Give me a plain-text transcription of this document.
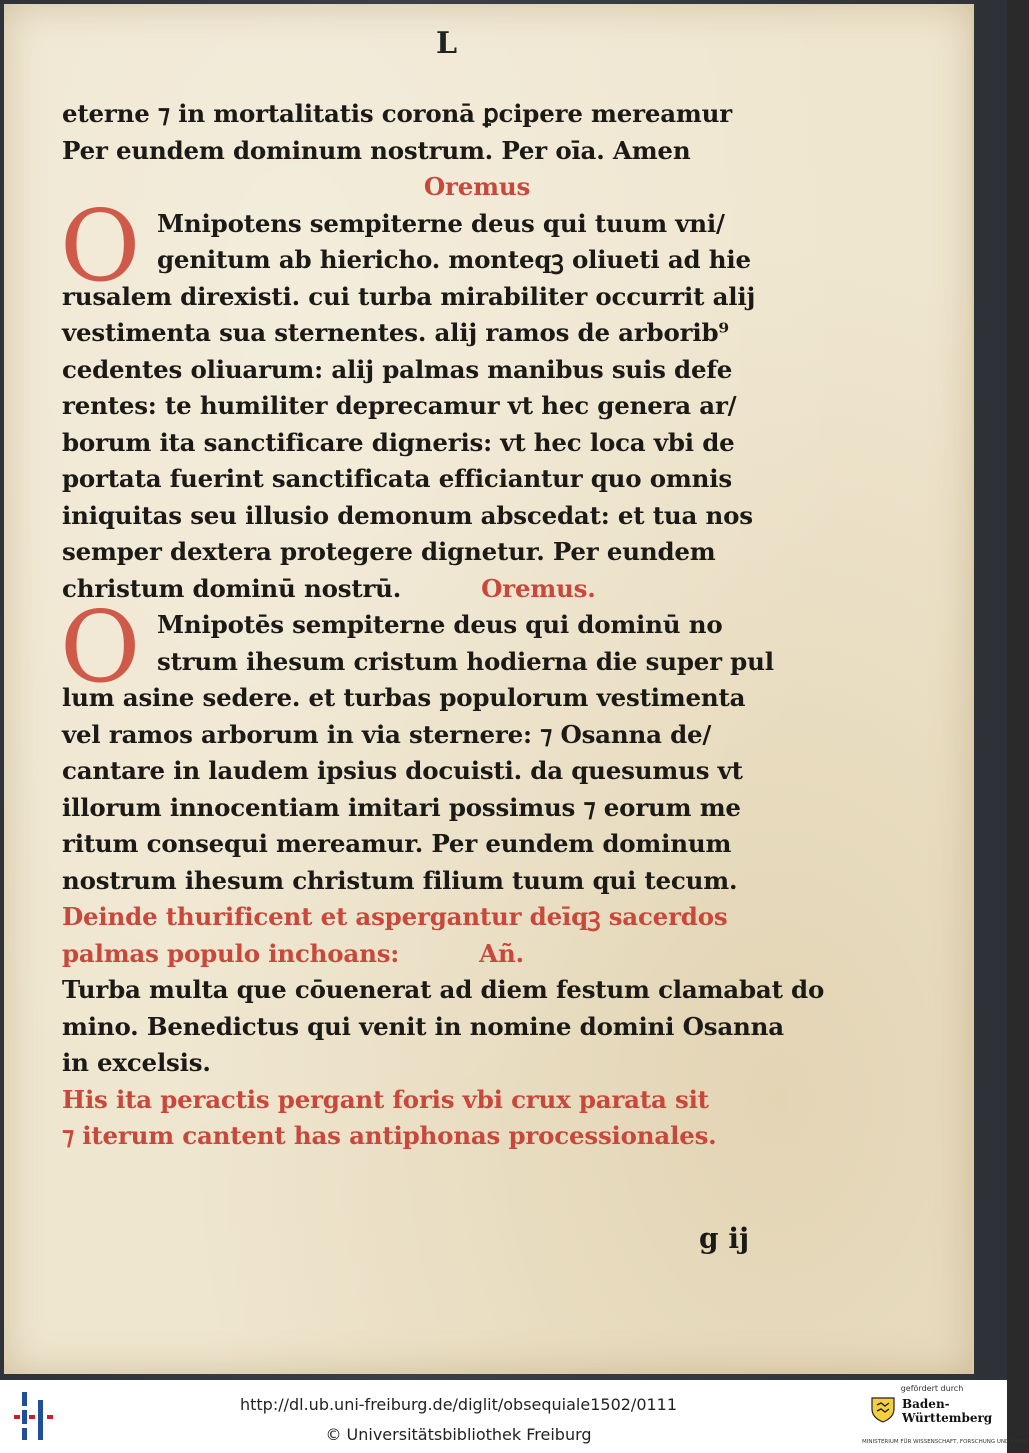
L
eterne ⁊ in mortalitatis coronā ꝑcipere mereamur
Per eundem dominum nostrum. Per oīa. Amen
Oremus
O Mnipotens sempiterne deus qui tuum vni/
genitum ab hiericho. monteqꝫ oliueti ad hie
rusalem direxisti. cui turba mirabiliter occurrit alij
vestimenta sua sternentes. alij ramos de arborib⁹
cedentes oliuarum: alij palmas manibus suis defe
rentes: te humiliter deprecamur vt hec genera ar/
borum ita sanctificare digneris: vt hec loca vbi de
portata fuerint sanctificata efficiantur quo omnis
iniquitas seu illusio demonum abscedat: et tua nos
semper dextera protegere dignetur. Per eundem
christum dominū nostrū.	Oremus.
O Mnipotēs sempiterne deus qui dominū no
strum ihesum cristum hodierna die super pul
lum asine sedere. et turbas populorum vestimenta
vel ramos arborum in via sternere: ⁊ Osanna de/
cantare in laudem ipsius docuisti. da quesumus vt
illorum innocentiam imitari possimus ⁊ eorum me
ritum consequi mereamur. Per eundem dominum
nostrum ihesum christum filium tuum qui tecum.
Deinde thurificent et aspergantur deīqꝫ sacerdos
palmas populo inchoans:	Añ.
Turba multa que cōuenerat ad diem festum clamabat do
mino. Benedictus qui venit in nomine domini Osanna
in excelsis.
His ita peractis pergant foris vbi crux parata sit
⁊ iterum cantent has antiphonas processionales.
g ij
http://dl.ub.uni-freiburg.de/diglit/obsequiale1502/0111
© Universitätsbibliothek Freiburg
gefördert durch
Baden-Württemberg
MINISTERIUM FÜR WISSENSCHAFT, FORSCHUNG UND KUNST
